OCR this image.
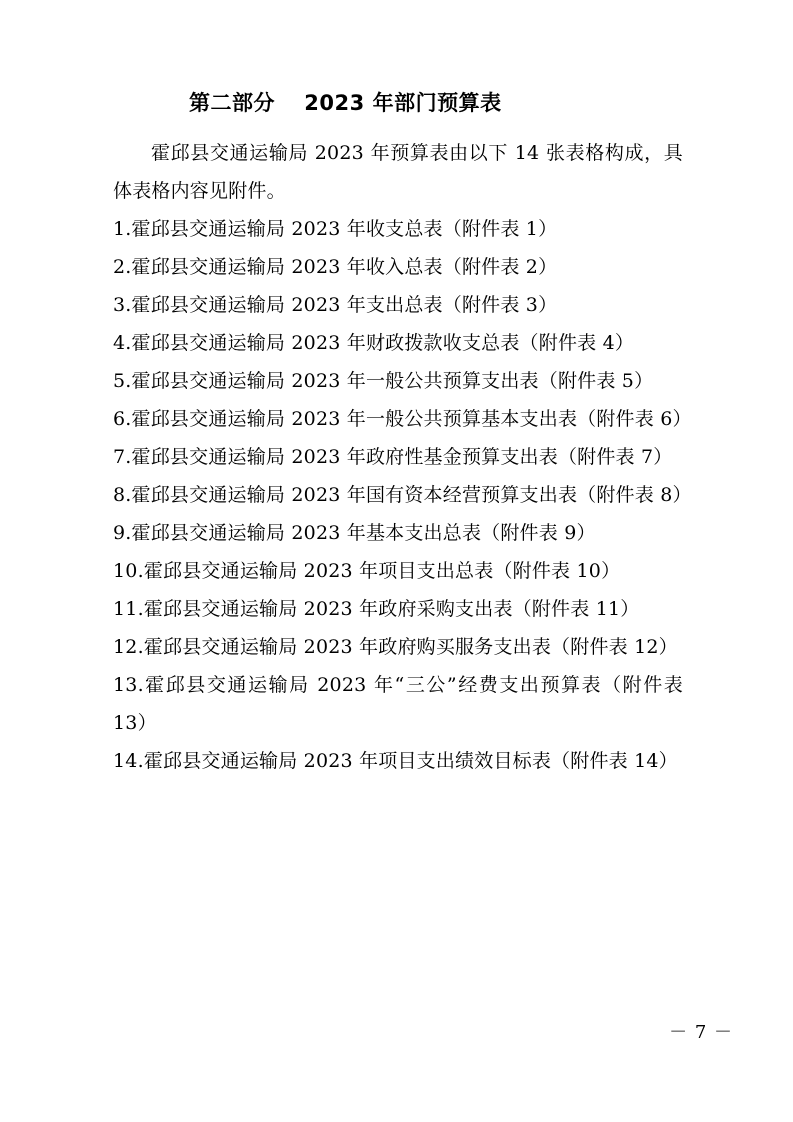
第二部分　 2023 年部门预算表
霍邱县交通运输局 2023 年预算表由以下 14 张表格构成，具体表格内容见附件。
1.霍邱县交通运输局 2023 年收支总表（附件表 1）
2.霍邱县交通运输局 2023 年收入总表（附件表 2）
3.霍邱县交通运输局 2023 年支出总表（附件表 3）
4.霍邱县交通运输局 2023 年财政拨款收支总表（附件表 4）
5.霍邱县交通运输局 2023 年一般公共预算支出表（附件表 5）
6.霍邱县交通运输局 2023 年一般公共预算基本支出表（附件表 6）
7.霍邱县交通运输局 2023 年政府性基金预算支出表（附件表 7）
8.霍邱县交通运输局 2023 年国有资本经营预算支出表（附件表 8）
9.霍邱县交通运输局 2023 年基本支出总表（附件表 9）
10.霍邱县交通运输局 2023 年项目支出总表（附件表 10）
11.霍邱县交通运输局 2023 年政府采购支出表（附件表 11）
12.霍邱县交通运输局 2023 年政府购买服务支出表（附件表 12）
13.霍邱县交通运输局 2023 年“三公”经费支出预算表（附件表 13）
14.霍邱县交通运输局 2023 年项目支出绩效目标表（附件表 14）
－ 7 －
